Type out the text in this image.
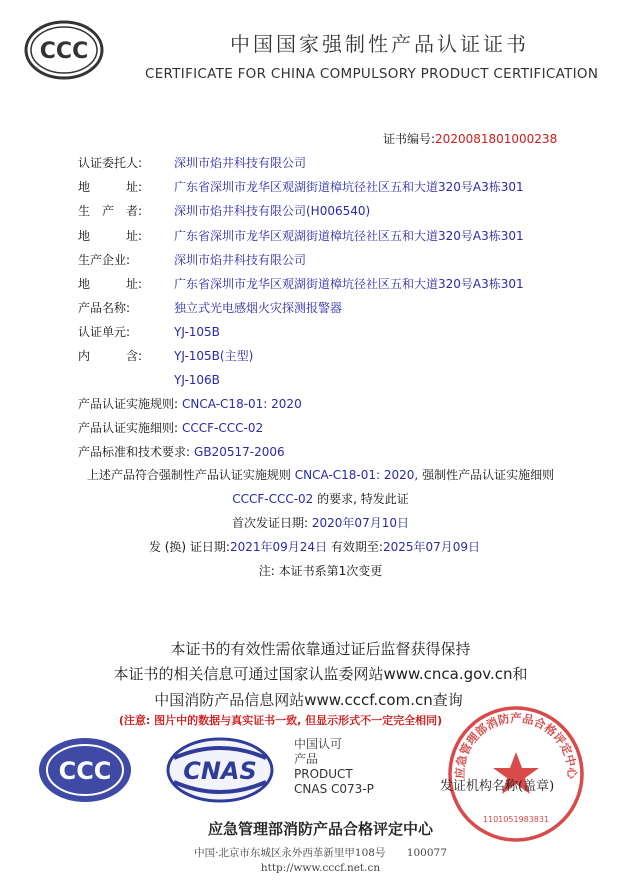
CCC	中国国家强制性产品认证证书
CERTIFICATE FOR CHINA COMPULSORY PRODUCT CERTIFICATION
证书编号:2020081801000238
认证委托人:	深圳市焰井科技有限公司
地　　　址:	广东省深圳市龙华区观湖街道樟坑径社区五和大道320号A3栋301
生　产　者:	深圳市焰井科技有限公司(H006540)
地　　　址:	广东省深圳市龙华区观湖街道樟坑径社区五和大道320号A3栋301
生产企业:	深圳市焰井科技有限公司
地　　　址:	广东省深圳市龙华区观湖街道樟坑径社区五和大道320号A3栋301
产品名称:	独立式光电感烟火灾探测报警器
认证单元:	YJ-105B
内　　　含:	YJ-105B(主型)
YJ-106B
产品认证实施规则: CNCA-C18-01: 2020
产品认证实施细则: CCCF-CCC-02
产品标准和技术要求: GB20517-2006
上述产品符合强制性产品认证实施规则 CNCA-C18-01: 2020, 强制性产品认证实施细则
CCCF-CCC-02 的要求, 特发此证
首次发证日期: 2020年07月10日
发 (换) 证日期:2021年09月24日 有效期至:2025年07月09日
注: 本证书系第1次变更
本证书的有效性需依靠通过证后监督获得保持
本证书的相关信息可通过国家认监委网站www.cnca.gov.cn和
中国消防产品信息网站www.cccf.com.cn查询
(注意: 图片中的数据与真实证书一致, 但显示形式不一定完全相同)
CCC	CNAS
中国认可
产品
PRODUCT
CNAS C073-P
应急管理部消防产品合格评定中心
1101051983831
发证机构名称(盖章)
应急管理部消防产品合格评定中心
中国·北京市东城区永外西革新里甲108号 100077
http://www.cccf.net.cn
